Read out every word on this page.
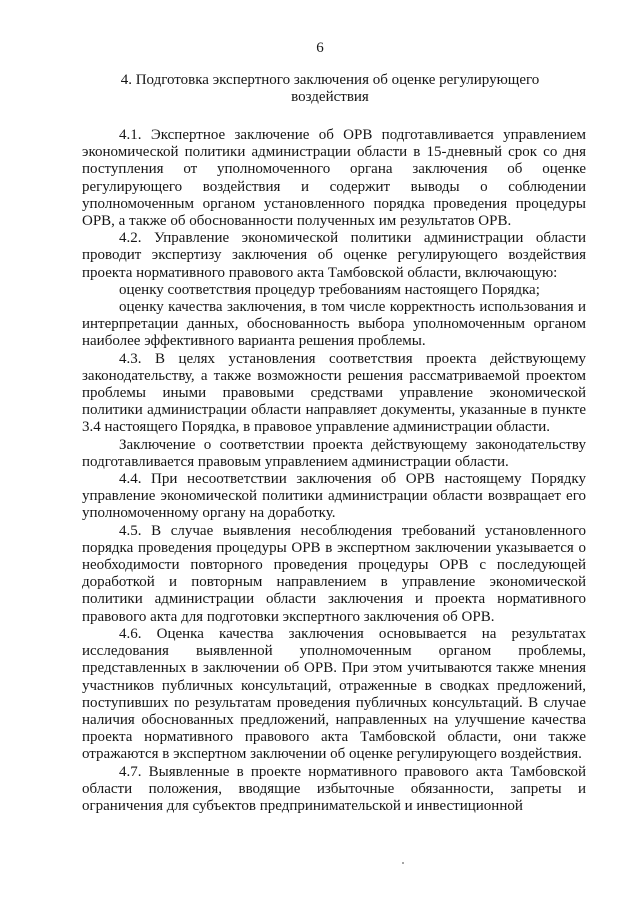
6
4. Подготовка экспертного заключения об оценке регулирующего воздействия

4.1. Экспертное заключение об ОРВ подготавливается управлением экономической политики администрации области в 15-дневный срок со дня поступления от уполномоченного органа заключения об оценке регулирующего воздействия и содержит выводы о соблюдении уполномоченным органом установленного порядка проведения процедуры ОРВ, а также об обоснованности полученных им результатов ОРВ.

4.2. Управление экономической политики администрации области проводит экспертизу заключения об оценке регулирующего воздействия проекта нормативного правового акта Тамбовской области, включающую:

оценку соответствия процедур требованиям настоящего Порядка;

оценку качества заключения, в том числе корректность использования и интерпретации данных, обоснованность выбора уполномоченным органом наиболее эффективного варианта решения проблемы.

4.3. В целях установления соответствия проекта действующему законодательству, а также возможности решения рассматриваемой проектом проблемы иными правовыми средствами управление экономической политики администрации области направляет документы, указанные в пункте 3.4 настоящего Порядка, в правовое управление администрации области.

Заключение о соответствии проекта действующему законодательству подготавливается правовым управлением администрации области.

4.4. При несоответствии заключения об ОРВ настоящему Порядку управление экономической политики администрации области возвращает его уполномоченному органу на доработку.

4.5. В случае выявления несоблюдения требований установленного порядка проведения процедуры ОРВ в экспертном заключении указывается о необходимости повторного проведения процедуры ОРВ с последующей доработкой и повторным направлением в управление экономической политики администрации области заключения и проекта нормативного правового акта для подготовки экспертного заключения об ОРВ.

4.6. Оценка качества заключения основывается на результатах исследования выявленной уполномоченным органом проблемы, представленных в заключении об ОРВ. При этом учитываются также мнения участников публичных консультаций, отраженные в сводках предложений, поступивших по результатам проведения публичных консультаций. В случае наличия обоснованных предложений, направленных на улучшение качества проекта нормативного правового акта Тамбовской области, они также отражаются в экспертном заключении об оценке регулирующего воздействия.

4.7. Выявленные в проекте нормативного правового акта Тамбовской области положения, вводящие избыточные обязанности, запреты и ограничения для субъектов предпринимательской и инвестиционной
